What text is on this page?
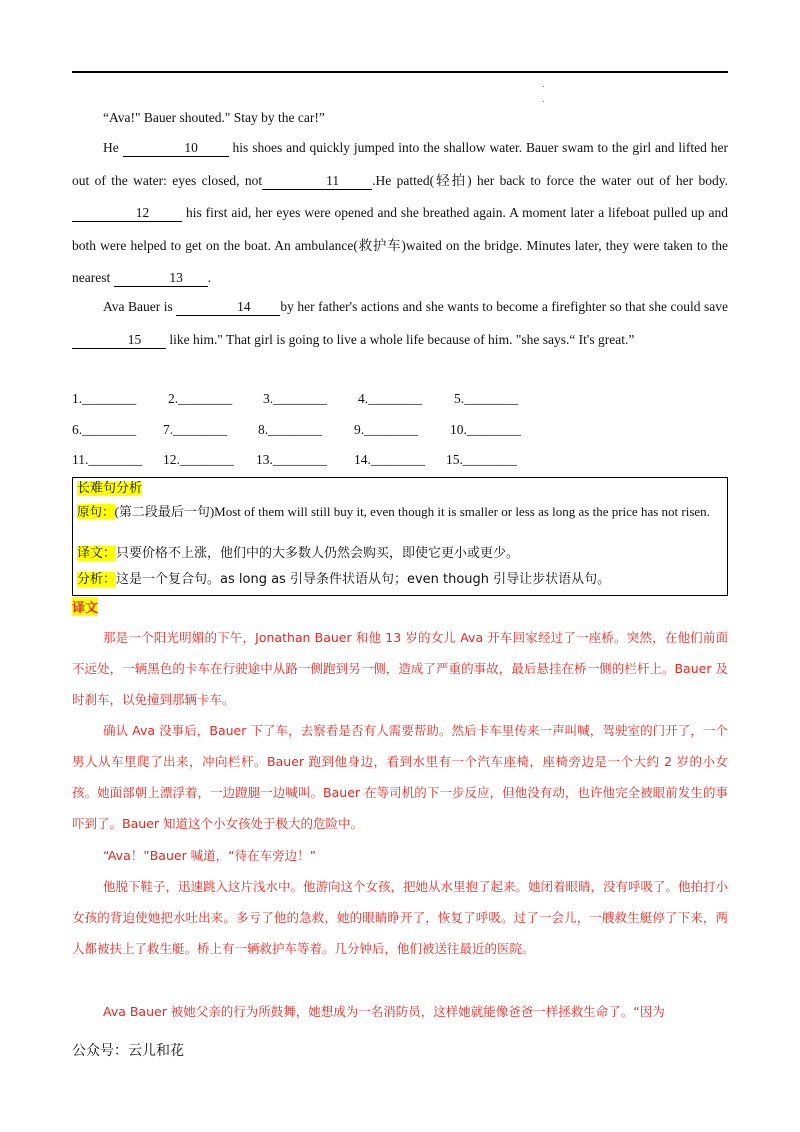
“Ava!" Bauer shouted." Stay by the car!”
He	10 his shoes and quickly jumped into the shallow water. Bauer swam to the girl and lifted her out of the water: eyes closed, not	11 .He patted(轻拍) her back to force the water out of her body.12 his first aid, her eyes were opened and she breathed again. A moment later a lifeboat pulled up and both were helped to get on the boat. An ambulance(救护车)waited on the bridge. Minutes later, they were taken to the nearest	13 .
Ava Bauer is	14 by her father's actions and she wants to become a firefighter so that she could save 15 like him." That girl is going to live a whole life because of him. "she says.“ It's great.”
1.________ 2.________ 3.________ 4.________ 5.________
6.________ 7.________ 8.________ 9.________ 10.________
11.________ 12.________ 13.________ 14.________ 15.________
长难句分析
原句：(第二段最后一句)Most of them will still buy it, even though it is smaller or less as long as the price has not risen.
译文：只要价格不上涨，他们中的大多数人仍然会购买，即使它更小或更少。
分析：这是一个复合句。as long as 引导条件状语从句；even though 引导让步状语从句。
译文
那是一个阳光明媚的下午，Jonathan Bauer 和他 13 岁的女儿 Ava 开车回家经过了一座桥。突然，在他们前面不远处，一辆黑色的卡车在行驶途中从路一侧跑到另一侧，造成了严重的事故，最后悬挂在桥一侧的栏杆上。Bauer 及时刹车，以免撞到那辆卡车。
确认 Ava 没事后，Bauer 下了车，去察看是否有人需要帮助。然后卡车里传来一声叫喊，驾驶室的门开了，一个男人从车里爬了出来，冲向栏杆。Bauer 跑到他身边，看到水里有一个汽车座椅，座椅旁边是一个大约 2 岁的小女孩。她面部朝上漂浮着，一边蹬腿一边喊叫。Bauer 在等司机的下一步反应，但他没有动，也许他完全被眼前发生的事吓到了。Bauer 知道这个小女孩处于极大的危险中。
“Ava！”Bauer 喊道，“待在车旁边！”
他脱下鞋子，迅速跳入这片浅水中。他游向这个女孩，把她从水里抱了起来。她闭着眼睛，没有呼吸了。他拍打小女孩的背迫使她把水吐出来。多亏了他的急救，她的眼睛睁开了，恢复了呼吸。过了一会儿，一艘救生艇停了下来，两人都被扶上了救生艇。桥上有一辆救护车等着。几分钟后，他们被送往最近的医院。
Ava Bauer 被她父亲的行为所鼓舞，她想成为一名消防员，这样她就能像爸爸一样拯救生命了。“因为
公众号：云儿和花
